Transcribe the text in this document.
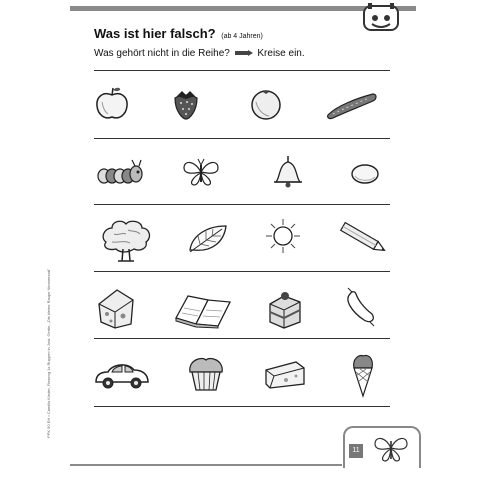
Was ist hier falsch? (ab 4 Jahren)
Was gehört nicht in die Reihe?	Kreise ein.
PPK 50 EH • Camilla Kinder, Fieseng 1x Ruppe¤ in Jost. Gertin, „Die kleine Raupe Nimmersatt”
11
